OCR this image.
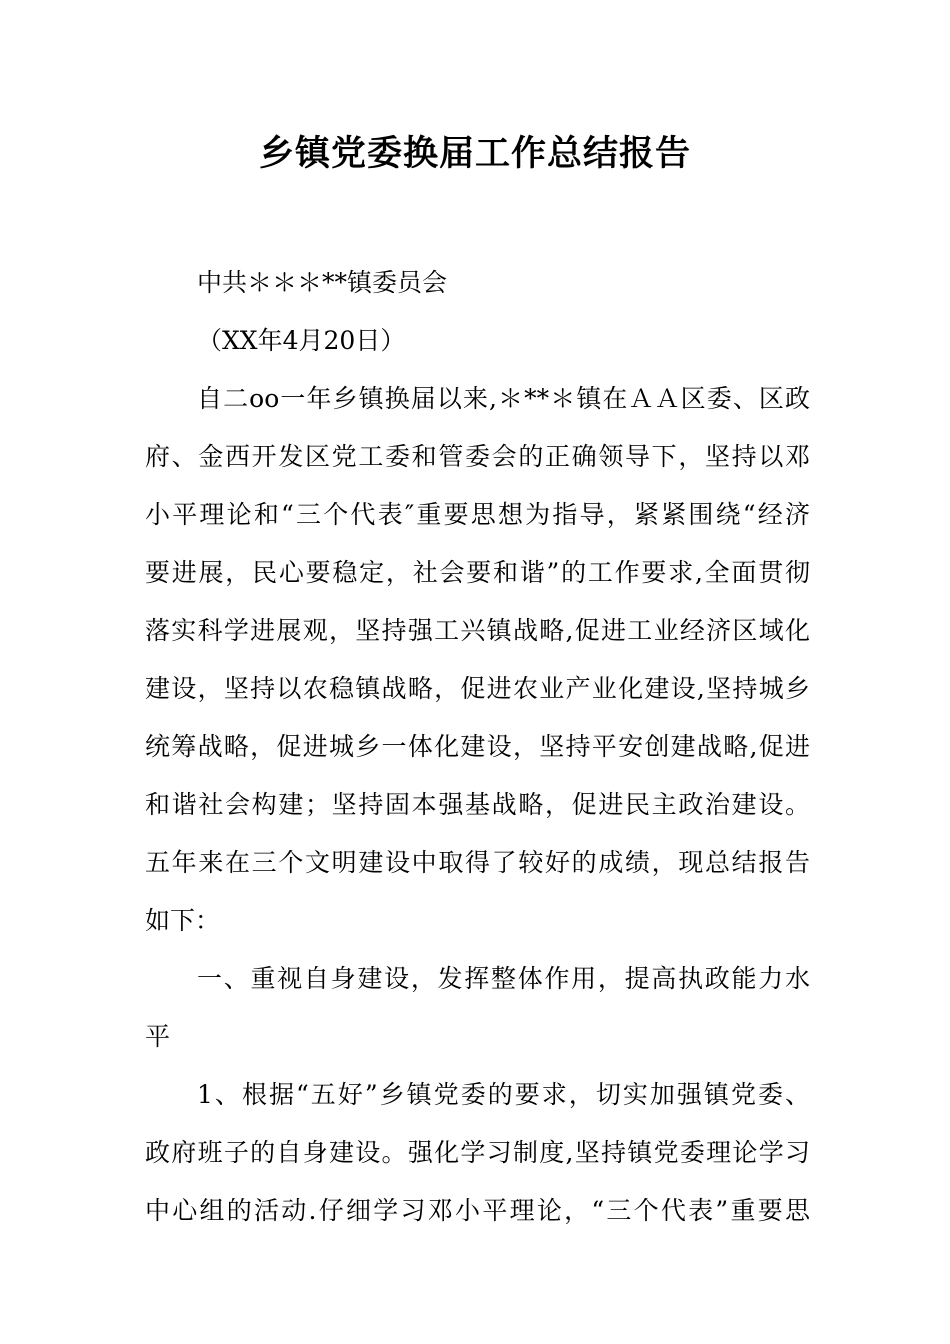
乡镇党委换届工作总结报告
中共＊＊＊**镇委员会
（XX年4月20日）
自二oo一年乡镇换届以来,＊**＊镇在ＡＡ区委、区政
府、金西开发区党工委和管委会的正确领导下，坚持以邓
小平理论和“三个代表″重要思想为指导，紧紧围绕“经济
要进展，民心要稳定，社会要和谐”的工作要求,全面贯彻
落实科学进展观，坚持强工兴镇战略,促进工业经济区域化
建设，坚持以农稳镇战略，促进农业产业化建设,坚持城乡
统筹战略，促进城乡一体化建设，坚持平安创建战略,促进
和谐社会构建；坚持固本强基战略，促进民主政治建设。
五年来在三个文明建设中取得了较好的成绩，现总结报告
如下：
一、重视自身建设，发挥整体作用，提高执政能力水
平
1、根据“五好”乡镇党委的要求，切实加强镇党委、
政府班子的自身建设。强化学习制度,坚持镇党委理论学习
中心组的活动.仔细学习邓小平理论，“三个代表”重要思
